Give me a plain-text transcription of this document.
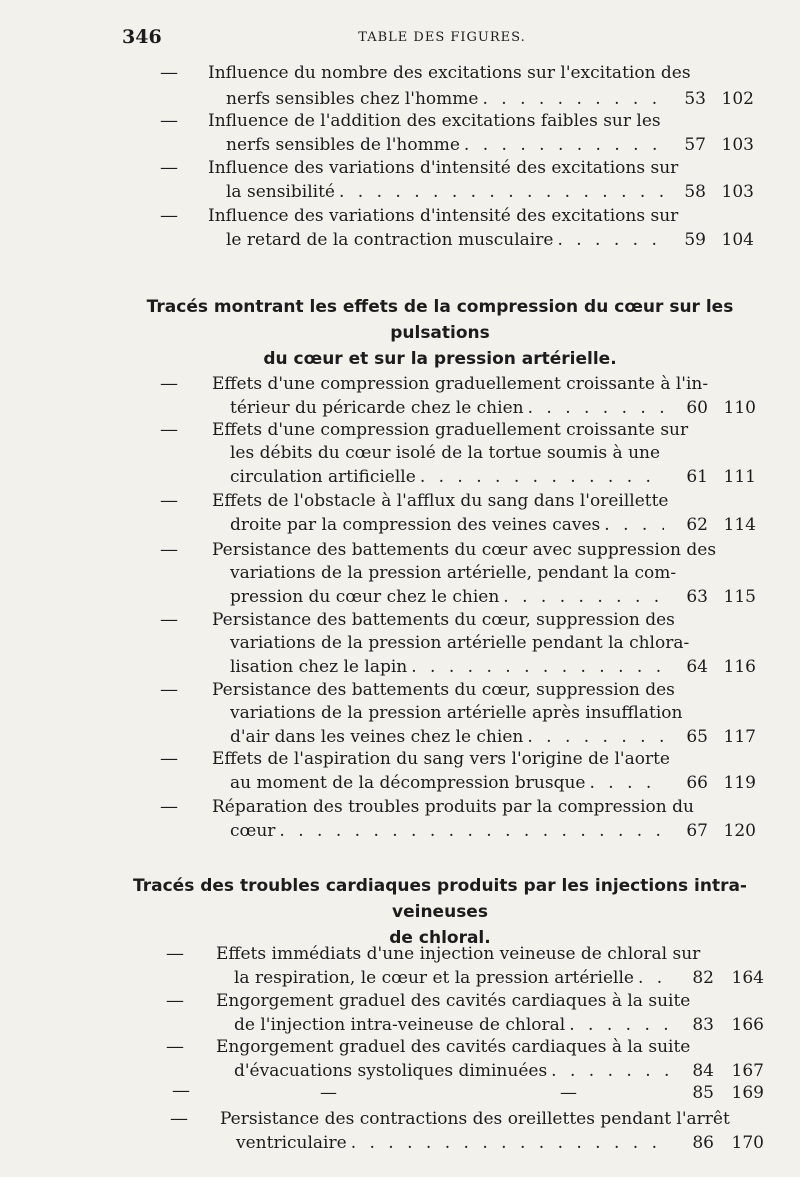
346	TABLE DES FIGURES.
— Influence du nombre des excitations sur l'excitation des
nerfs sensibles chez l'homme . . .	53 102
— Influence de l'addition des excitations faibles sur les
nerfs sensibles de l'homme . . .	57 103
— Influence des variations d'intensité des excitations sur
la sensibilité . . .	58 103
— Influence des variations d'intensité des excitations sur
le retard de la contraction musculaire . . .	59 104
Tracés montrant les effets de la compression du cœur sur les pulsations
du cœur et sur la pression artérielle.
— Effets d'une compression graduellement croissante à l'in-
térieur du péricarde chez le chien . . .	60 110
— Effets d'une compression graduellement croissante sur
les débits du cœur isolé de la tortue soumis à une
circulation artificielle . . .	61 111
— Effets de l'obstacle à l'afflux du sang dans l'oreillette
droite par la compression des veines caves . . .	62 114
— Persistance des battements du cœur avec suppression des
variations de la pression artérielle, pendant la com-
pression du cœur chez le chien . . .	63 115
— Persistance des battements du cœur, suppression des
variations de la pression artérielle pendant la chlora-
lisation chez le lapin . . .	64 116
— Persistance des battements du cœur, suppression des
variations de la pression artérielle après insufflation
d'air dans les veines chez le chien . . .	65 117
— Effets de l'aspiration du sang vers l'origine de l'aorte
au moment de la décompression brusque . . .	66 119
— Réparation des troubles produits par la compression du
cœur . . .	67 120
Tracés des troubles cardiaques produits par les injections intra-veineuses
de chloral.
— Effets immédiats d'une injection veineuse de chloral sur
la respiration, le cœur et la pression artérielle . . .	82	164
— Engorgement graduel des cavités cardiaques à la suite
de l'injection intra-veineuse de chloral . . .	83	166
— Engorgement graduel des cavités cardiaques à la suite
d'évacuations systoliques diminuées . . .	84	167
—	—	—	85	169
— Persistance des contractions des oreillettes pendant l'arrêt
ventriculaire . . .	86	170
